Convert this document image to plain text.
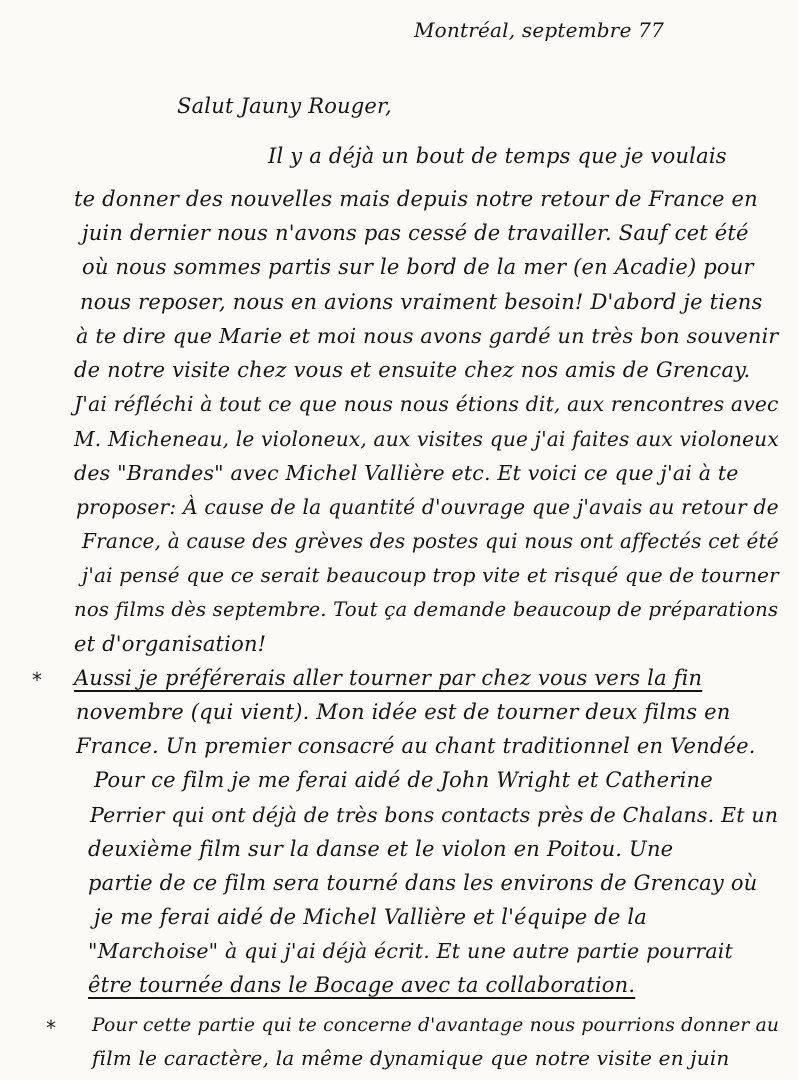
Montréal, septembre 77
Salut Jauny Rouger,
Il y a déjà un bout de temps que je voulais
te donner des nouvelles mais depuis notre retour de France en
juin dernier nous n'avons pas cessé de travailler. Sauf cet été
où nous sommes partis sur le bord de la mer (en Acadie) pour
nous reposer, nous en avions vraiment besoin! D'abord je tiens
à te dire que Marie et moi nous avons gardé un très bon souvenir
de notre visite chez vous et ensuite chez nos amis de Grencay.
J'ai réfléchi à tout ce que nous nous étions dit, aux rencontres avec
M. Micheneau, le violoneux, aux visites que j'ai faites aux violoneux
des "Brandes" avec Michel Vallière etc. Et voici ce que j'ai à te
proposer: À cause de la quantité d'ouvrage que j'avais au retour de
France, à cause des grèves des postes qui nous ont affectés cet été
j'ai pensé que ce serait beaucoup trop vite et risqué que de tourner
nos films dès septembre. Tout ça demande beaucoup de préparations
et d'organisation!
* Aussi je préférerais aller tourner par chez vous vers la fin
novembre (qui vient). Mon idée est de tourner deux films en
France. Un premier consacré au chant traditionnel en Vendée.
Pour ce film je me ferai aidé de John Wright et Catherine
Perrier qui ont déjà de très bons contacts près de Chalans. Et un
deuxième film sur la danse et le violon en Poitou. Une
partie de ce film sera tourné dans les environs de Grencay où
je me ferai aidé de Michel Vallière et l'équipe de la
"Marchoise" à qui j'ai déjà écrit. Et une autre partie pourrait
être tournée dans le Bocage avec ta collaboration.
* Pour cette partie qui te concerne d'avantage nous pourrions donner au
film le caractère, la même dynamique que notre visite en juin
